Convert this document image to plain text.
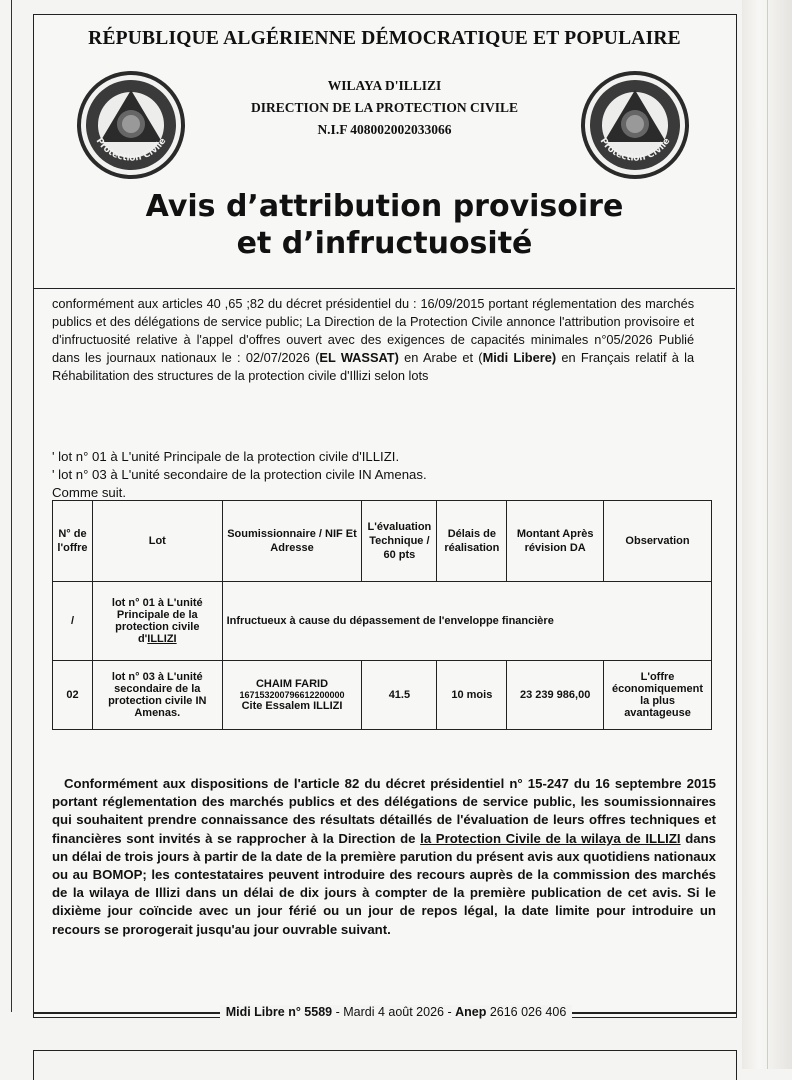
RÉPUBLIQUE ALGÉRIENNE DÉMOCRATIQUE ET POPULAIRE
Protection Civile
WILAYA D'ILLIZI
DIRECTION DE LA PROTECTION CIVILE
N.I.F 408002002033066
Protection Civile
Avis d’attribution provisoire
et d’infructuosité

conformément aux articles 40 ,65 ;82 du décret présidentiel du : 16/09/2015 portant réglementation des marchés publics et des délégations de service public; La Direction de la Protection Civile annonce l'attribution provisoire et d'infructuosité relative à l'appel d'offres ouvert avec des exigences de capacités minimales n°05/2026 Publié dans les journaux nationaux le : 02/07/2026 (EL WASSAT) en Arabe et (Midi Libere) en Français relatif à la Réhabilitation des structures de la protection civile d'Illizi selon lots

' lot n° 01 à L'unité Principale de la protection civile d'ILLIZI.
' lot n° 03 à L'unité secondaire de la protection civile IN Amenas.
Comme suit.
N° de l'offre	Lot	Soumissionnaire / NIF Et Adresse	L'évaluation Technique / 60 pts	Délais de réalisation	Montant Après révision DA	Observation
/	lot n° 01 à L'unité Principale de la protection civile d'ILLIZI	Infructueux à cause du dépassement de l'enveloppe financière				
02	lot n° 03 à L'unité secondaire de la protection civile IN Amenas.	CHAIM FARID
167153200796612200000
Cite Essalem ILLIZI	41.5	10 mois	23 239 986,00	L'offre économiquement la plus avantageuse
Conformément aux dispositions de l'article 82 du décret présidentiel n° 15-247 du 16 septembre 2015 portant réglementation des marchés publics et des délégations de service public, les soumissionnaires qui souhaitent prendre connaissance des résultats détaillés de l'évaluation de leurs offres techniques et financières sont invités à se rapprocher à la Direction de la Protection Civile de la wilaya de ILLIZI dans un délai de trois jours à partir de la date de la première parution du présent avis aux quotidiens nationaux ou au BOMOP; les contestataires peuvent introduire des recours auprès de la commission des marchés de la wilaya de Illizi dans un délai de dix jours à compter de la première publication de cet avis. Si le dixième jour coïncide avec un jour férié ou un jour de repos légal, la date limite pour introduire un recours se prorogerait jusqu'au jour ouvrable suivant.
Midi Libre n° 5589 - Mardi 4 août 2026 - Anep 2616 026 406
